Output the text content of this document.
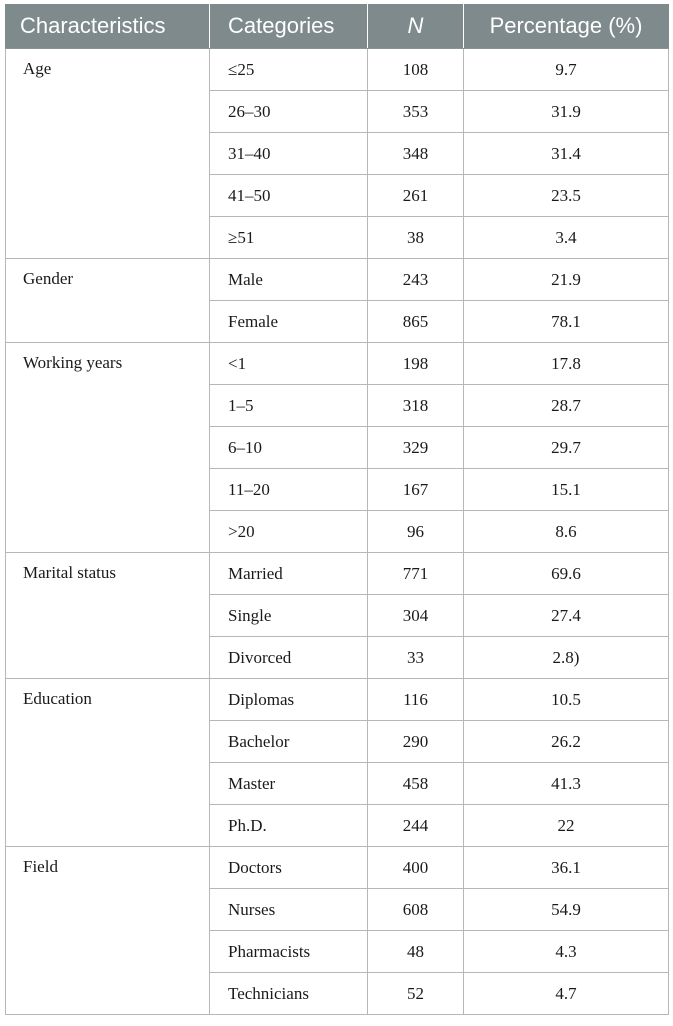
Characteristics	Categories	N	Percentage (%)
Age	≤25	108	9.7
	26–30	353	31.9
	31–40	348	31.4
	41–50	261	23.5
	≥51	38	3.4
Gender	Male	243	21.9
	Female	865	78.1
Working years	<1	198	17.8
	1–5	318	28.7
	6–10	329	29.7
	11–20	167	15.1
	>20	96	8.6
Marital status	Married	771	69.6
	Single	304	27.4
	Divorced	33	2.8)
Education	Diplomas	116	10.5
	Bachelor	290	26.2
	Master	458	41.3
	Ph.D.	244	22
Field	Doctors	400	36.1
	Nurses	608	54.9
	Pharmacists	48	4.3
	Technicians	52	4.7
